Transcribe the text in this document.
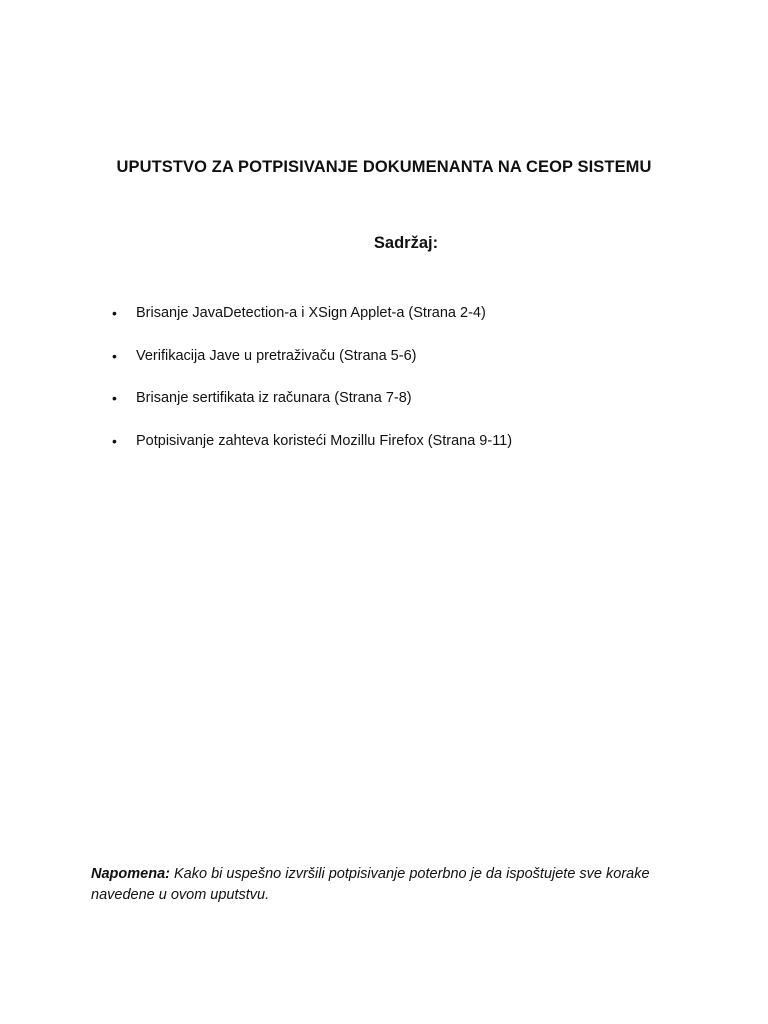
UPUTSTVO ZA POTPISIVANJE DOKUMENANTA NA CEOP SISTEMU
Sadržaj:
• Brisanje JavaDetection-a i XSign Applet-a (Strana 2-4)
• Verifikacija Jave u pretraživaču (Strana 5-6)
• Brisanje sertifikata iz računara (Strana 7-8)
• Potpisivanje zahteva koristeći Mozillu Firefox (Strana 9-11)

Napomena: Kako bi uspešno izvršili potpisivanje poterbno je da ispoštujete sve korake navedene u ovom uputstvu.
